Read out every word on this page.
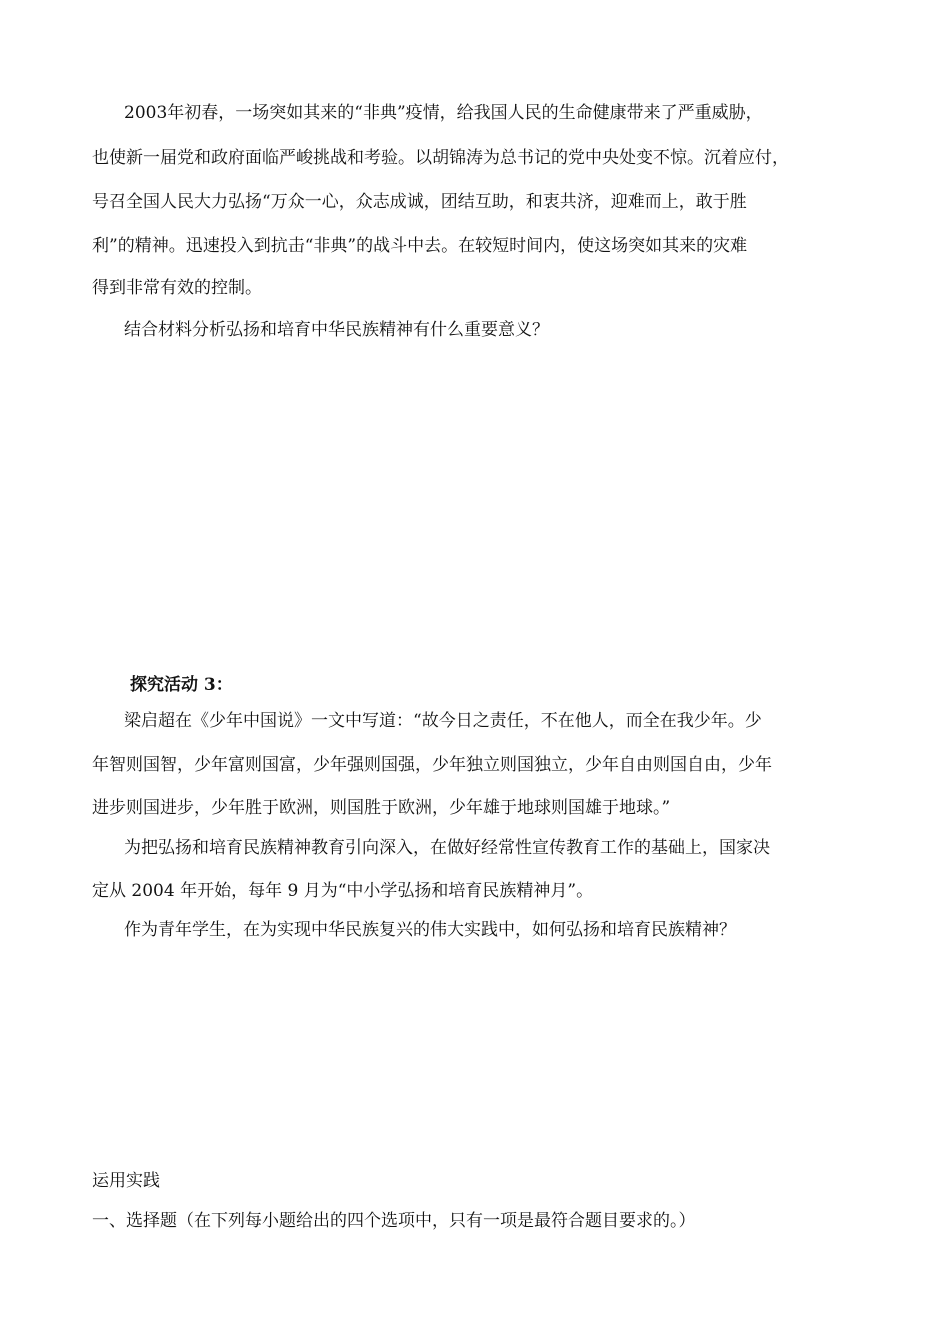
2003年初春，一场突如其来的“非典”疫情，给我国人民的生命健康带来了严重威胁，
也使新一届党和政府面临严峻挑战和考验。以胡锦涛为总书记的党中央处变不惊。沉着应付，
号召全国人民大力弘扬“万众一心，众志成诚，团结互助，和衷共济，迎难而上，敢于胜
利”的精神。迅速投入到抗击“非典”的战斗中去。在较短时间内，使这场突如其来的灾难
得到非常有效的控制。
结合材料分析弘扬和培育中华民族精神有什么重要意义？
探究活动 3：
梁启超在《少年中国说》一文中写道：“故今日之责任，不在他人，而全在我少年。少
年智则国智，少年富则国富，少年强则国强，少年独立则国独立，少年自由则国自由，少年
进步则国进步，少年胜于欧洲，则国胜于欧洲，少年雄于地球则国雄于地球。”
为把弘扬和培育民族精神教育引向深入，在做好经常性宣传教育工作的基础上，国家决
定从 2004 年开始，每年 9 月为“中小学弘扬和培育民族精神月”。
作为青年学生，在为实现中华民族复兴的伟大实践中，如何弘扬和培育民族精神？
运用实践
一、选择题（在下列每小题给出的四个选项中，只有一项是最符合题目要求的。）
